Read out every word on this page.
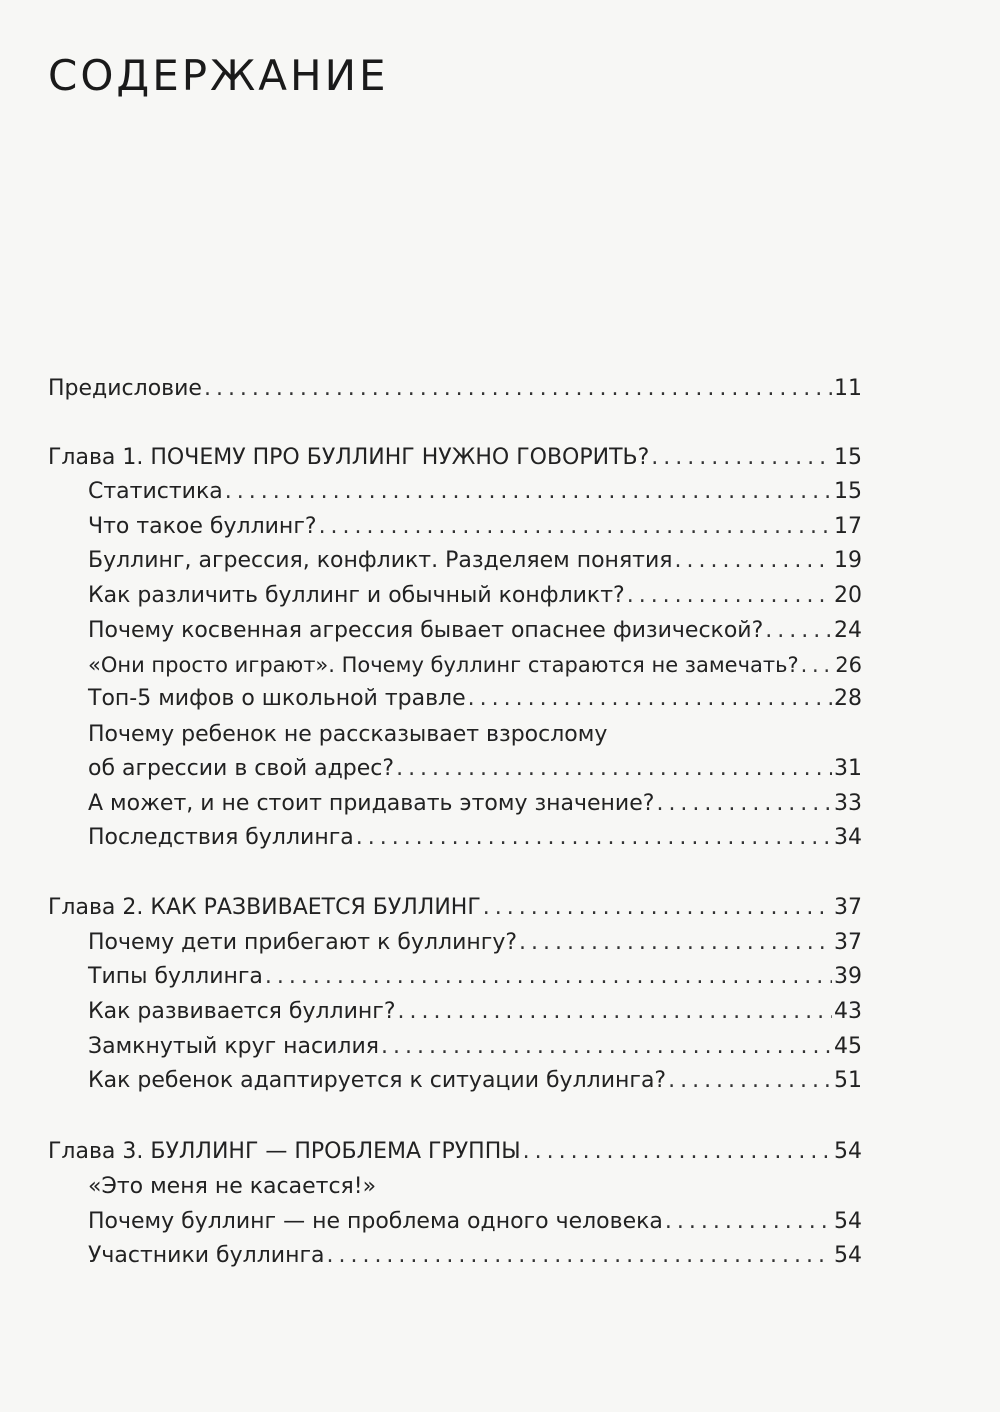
СОДЕРЖАНИЕ
Предисловие . . .	11
Глава 1. ПОЧЕМУ ПРО БУЛЛИНГ НУЖНО ГОВОРИТЬ? . . .	15
Статистика . . .	15
Что такое буллинг? . . .	17
Буллинг, агрессия, конфликт. Разделяем понятия . . .	19
Как различить буллинг и обычный конфликт? . . .	20
Почему косвенная агрессия бывает опаснее физической? . . .	24
«Они просто играют». Почему буллинг стараются не замечать? . . . 26
Топ-5 мифов о школьной травле . . .	28
Почему ребенок не рассказывает взрослому
об агрессии в свой адрес? . . .	31
А может, и не стоит придавать этому значение? . . .	33
Последствия буллинга . . .	34
Глава 2. КАК РАЗВИВАЕТСЯ БУЛЛИНГ . . .	37
Почему дети прибегают к буллингу? . . .	37
Типы буллинга . . .	39
Как развивается буллинг? . . .	43
Замкнутый круг насилия . . .	45
Как ребенок адаптируется к ситуации буллинга? . . .	51
Глава 3. БУЛЛИНГ — ПРОБЛЕМА ГРУППЫ . . .	54
«Это меня не касается!»
Почему буллинг — не проблема одного человека . . .	54
Участники буллинга . . .	54
